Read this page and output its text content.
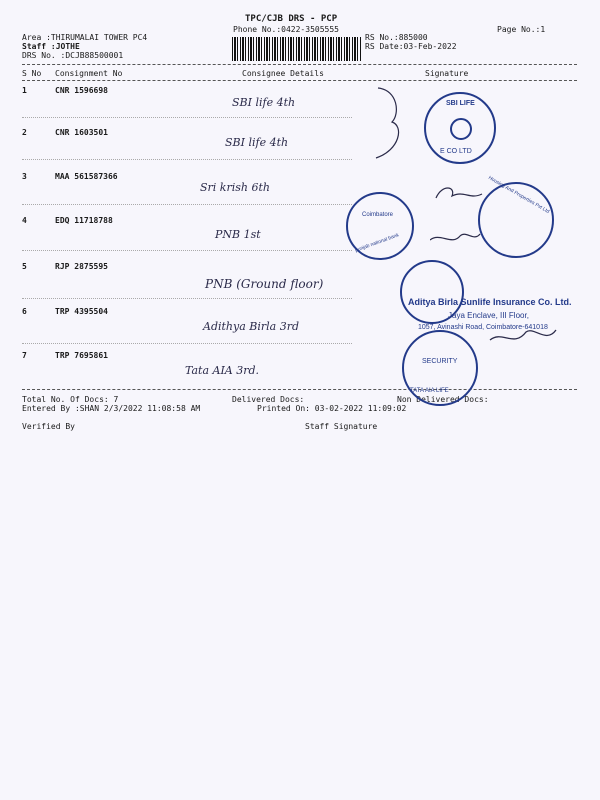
TPC/CJB DRS - PCP
Phone No.:0422-3505555	Page No.:1
Area :THIRUMALAI TOWER PC4
Staff :JOTHE
DRS No. :DCJB88500001
RS No.:885000
RS Date:03-Feb-2022
S No Consignment No	Consignee Details	Signature
1	CNR 1596698
SBI life 4th
2	CNR 1603501
SBI life 4th
3	MAA 561587366
Sri krish 6th
4	EDQ 11718788
PNB 1st
5	RJP 2875595
PNB (Ground floor)
6	TRP 4395504
Adithya Birla 3rd
7	TRP 7695861
Tata AIA 3rd.
Total No. Of Docs: 7	Delivered Docs:	Non Delivered Docs:
Entered By :SHAN 2/3/2022 11:08:58 AM	Printed On: 03-02-2022 11:09:02
Verified By	Staff Signature
SBI LIFE
E CO LTD
punjab national bank
Coimbatore
Housing And Properties Pvt Ltd
Aditya Birla Sunlife Insurance Co. Ltd.
Jaya Enclave, III Floor,
1057, Avinashi Road, Coimbatore-641018
SECURITY
TATA AIA LIFE
